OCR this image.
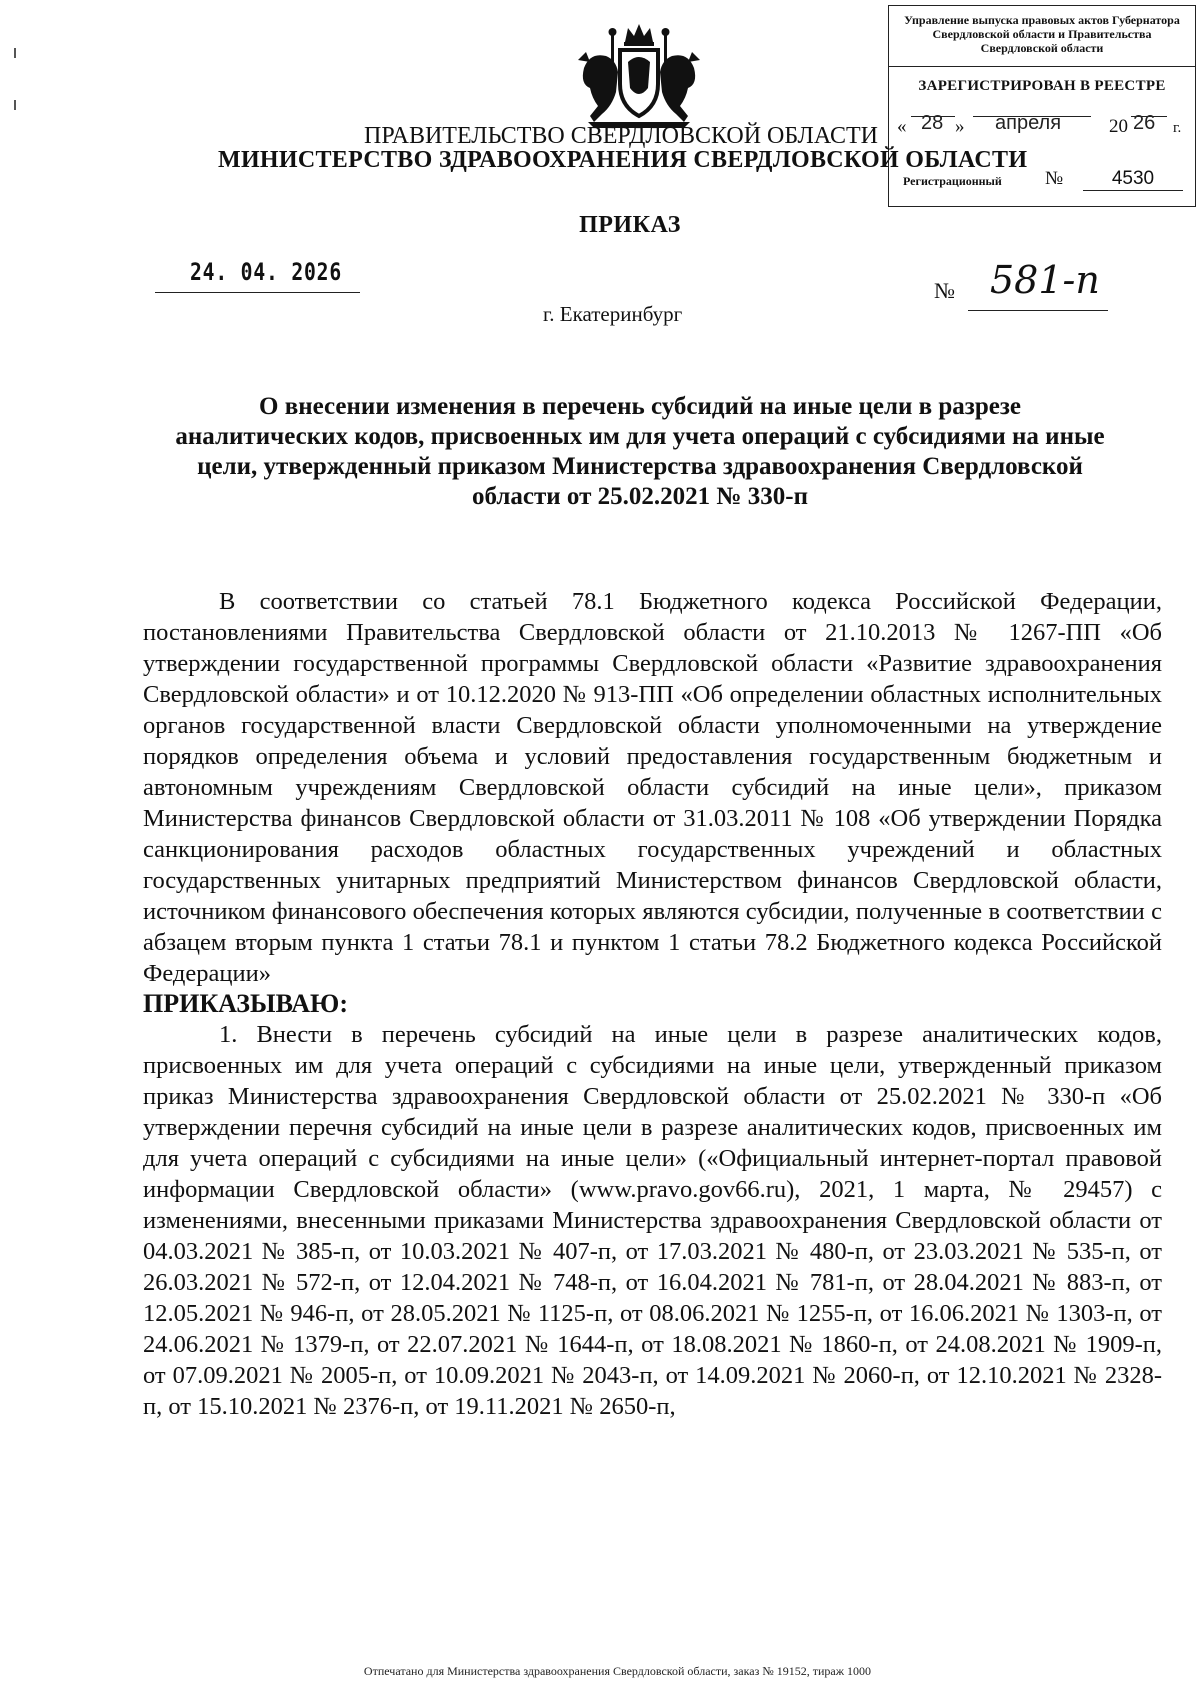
Управление выпуска правовых актов Губернатора Свердловской области и Правительства Свердловской области
ЗАРЕГИСТРИРОВАН В РЕЕСТРЕ
« 28 » апреля	20 26 г.
Регистрационный №	4530
ПРАВИТЕЛЬСТВО СВЕРДЛОВСКОЙ ОБЛАСТИ
МИНИСТЕРСТВО ЗДРАВООХРАНЕНИЯ СВЕРДЛОВСКОЙ ОБЛАСТИ
ПРИКАЗ
24. 04. 2026
№ 581-п
г. Екатеринбург
О внесении изменения в перечень субсидий на иные цели в разрезе аналитических кодов, присвоенных им для учета операций с субсидиями на иные цели, утвержденный приказом Министерства здравоохранения Свердловской области от 25.02.2021 № 330-п

В соответствии со статьей 78.1 Бюджетного кодекса Российской Федерации, постановлениями Правительства Свердловской области от 21.10.2013 № 1267-ПП «Об утверждении государственной программы Свердловской области «Развитие здравоохранения Свердловской области» и от 10.12.2020 № 913-ПП «Об определении областных исполнительных органов государственной власти Свердловской области уполномоченными на утверждение порядков определения объема и условий предоставления государственным бюджетным и автономным учреждениям Свердловской области субсидий на иные цели», приказом Министерства финансов Свердловской области от 31.03.2011 № 108 «Об утверждении Порядка санкционирования расходов областных государственных учреждений и областных государственных унитарных предприятий Министерством финансов Свердловской области, источником финансового обеспечения которых являются субсидии, полученные в соответствии с абзацем вторым пункта 1 статьи 78.1 и пунктом 1 статьи 78.2 Бюджетного кодекса Российской Федерации»

ПРИКАЗЫВАЮ:

1. Внести в перечень субсидий на иные цели в разрезе аналитических кодов, присвоенных им для учета операций с субсидиями на иные цели, утвержденный приказом приказ Министерства здравоохранения Свердловской области от 25.02.2021 № 330-п «Об утверждении перечня субсидий на иные цели в разрезе аналитических кодов, присвоенных им для учета операций с субсидиями на иные цели» («Официальный интернет-портал правовой информации Свердловской области» (www.pravo.gov66.ru), 2021, 1 марта, № 29457) с изменениями, внесенными приказами Министерства здравоохранения Свердловской области от 04.03.2021 № 385-п, от 10.03.2021 № 407-п, от 17.03.2021 № 480-п, от 23.03.2021 № 535-п, от 26.03.2021 № 572-п, от 12.04.2021 № 748-п, от 16.04.2021 № 781-п, от 28.04.2021 № 883-п, от 12.05.2021 № 946-п, от 28.05.2021 № 1125-п, от 08.06.2021 № 1255-п, от 16.06.2021 № 1303-п, от 24.06.2021 № 1379-п, от 22.07.2021 № 1644-п, от 18.08.2021 № 1860-п, от 24.08.2021 № 1909-п, от 07.09.2021 № 2005-п, от 10.09.2021 № 2043-п, от 14.09.2021 № 2060-п, от 12.10.2021 № 2328-п, от 15.10.2021 № 2376-п, от 19.11.2021 № 2650-п,

Отпечатано для Министерства здравоохранения Свердловской области, заказ № 19152, тираж 1000
